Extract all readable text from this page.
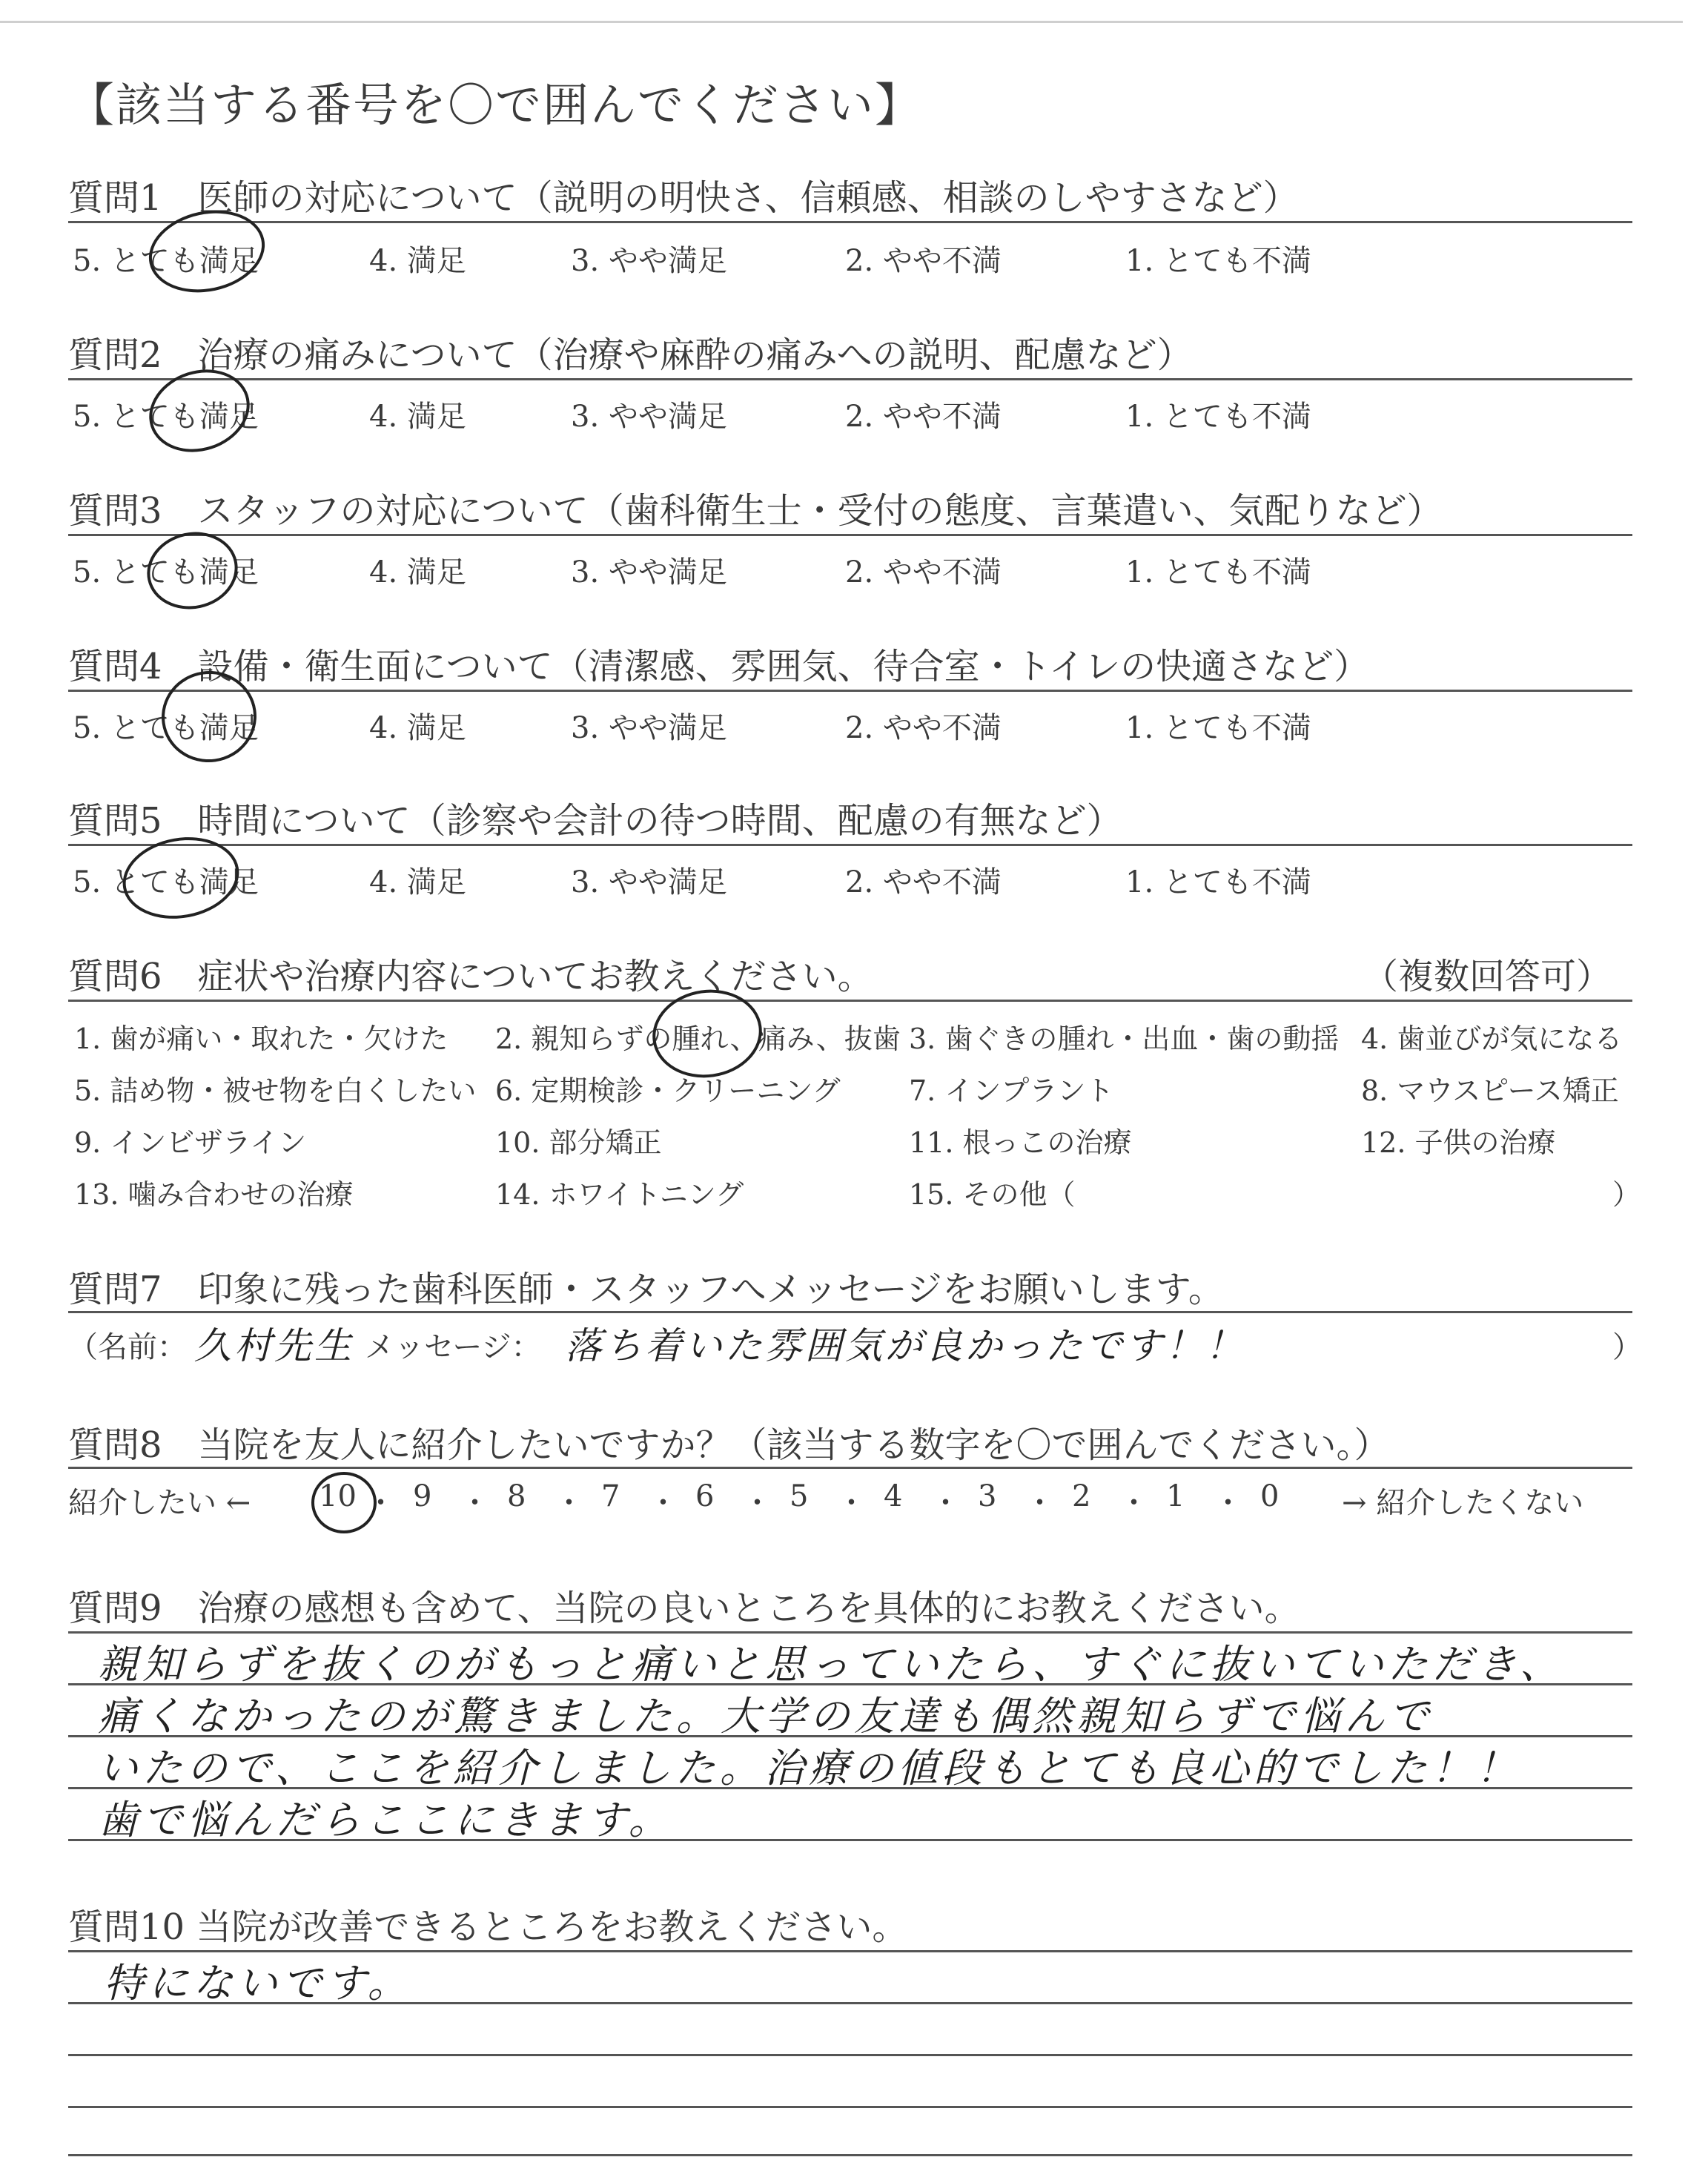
【該当する番号を〇で囲んでください】
質問1　医師の対応について（説明の明快さ、信頼感、相談のしやすさなど）
5. とても満足	4. 満足	3. やや満足	2. やや不満	1. とても不満
質問2　治療の痛みについて（治療や麻酔の痛みへの説明、配慮など）
5. とても満足	4. 満足	3. やや満足	2. やや不満	1. とても不満
質問3　スタッフの対応について（歯科衛生士・受付の態度、言葉遣い、気配りなど）
5. とても満足	4. 満足	3. やや満足	2. やや不満	1. とても不満
質問4　設備・衛生面について（清潔感、雰囲気、待合室・トイレの快適さなど）
5. とても満足	4. 満足	3. やや満足	2. やや不満	1. とても不満
質問5　時間について（診察や会計の待つ時間、配慮の有無など）
5. とても満足	4. 満足	3. やや満足	2. やや不満	1. とても不満
質問6　症状や治療内容についてお教えください。	（複数回答可）
1. 歯が痛い・取れた・欠けた 2. 親知らずの腫れ、痛み、抜歯 3. 歯ぐきの腫れ・出血・歯の動揺 4. 歯並びが気になる
5. 詰め物・被せ物を白くしたい 6. 定期検診・クリーニング 7. インプラント	8. マウスピース矯正
9. インビザライン	10. 部分矯正	11. 根っこの治療	12. 子供の治療
13. 噛み合わせの治療	14. ホワイトニング	15. その他（	）
質問7　印象に残った歯科医師・スタッフへメッセージをお願いします。
（名前： 久村先生 メッセージ： 落ち着いた雰囲気が良かったです！！	）
質問8　当院を友人に紹介したいですか？（該当する数字を〇で囲んでください。）
紹介したい ← 10 ・ 9 ・ 8 ・ 7 ・ 6 ・ 5 ・ 4 ・ 3 ・ 2 ・ 1 ・ 0 → 紹介したくない
質問9　治療の感想も含めて、当院の良いところを具体的にお教えください。
親知らずを抜くのがもっと痛いと思っていたら、すぐに抜いていただき、
痛くなかったのが驚きました。大学の友達も偶然親知らずで悩んで
いたので、ここを紹介しました。治療の値段もとても良心的でした！！
歯で悩んだらここにきます。
質問10 当院が改善できるところをお教えください。
特にないです。
